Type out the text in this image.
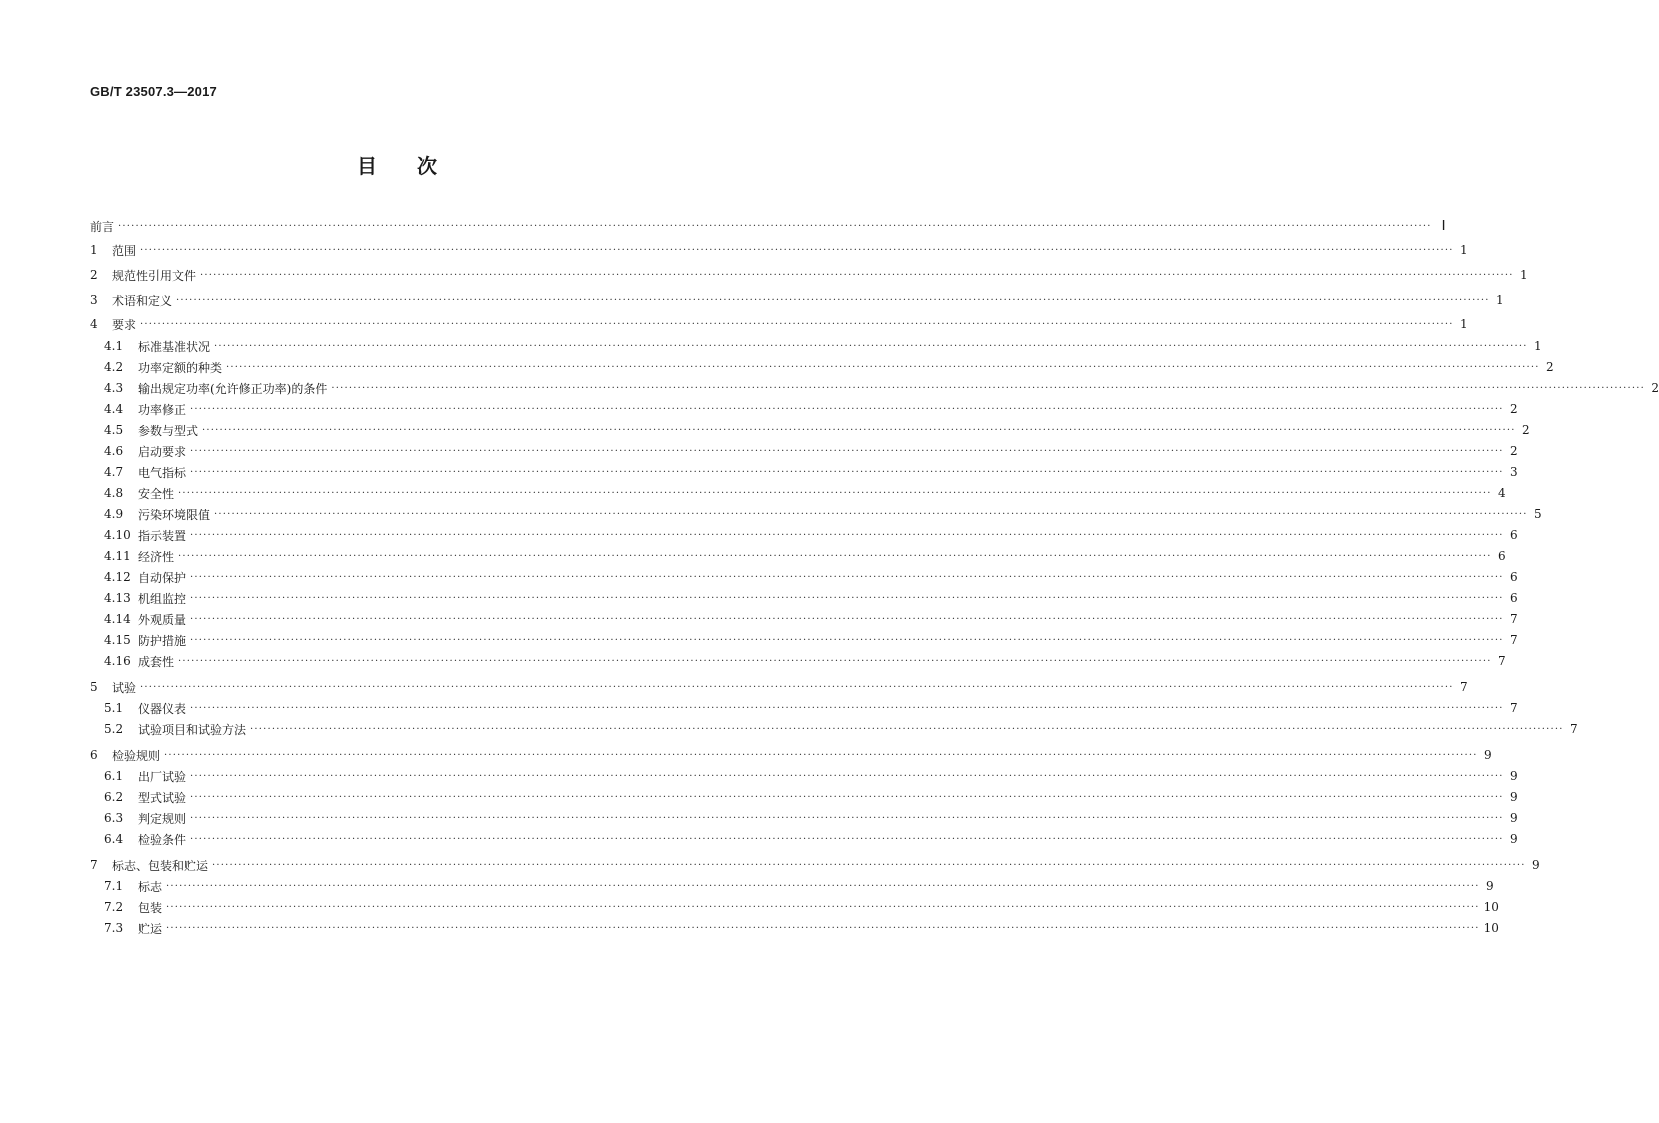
GB/T 23507.3—2017
目 次
前言 ············································································································································································································································································································ Ⅰ
1	范围 ············································································································································································································································································································ 1
2	规范性引用文件 ············································································································································································································································································································ 1
3	术语和定义 ············································································································································································································································································································ 1
4	要求 ············································································································································································································································································································ 1
4.1	标准基准状况 ············································································································································································································································································································ 1
4.2	功率定额的种类 ············································································································································································································································································································ 2
4.3	输出规定功率(允许修正功率)的条件 ············································································································································································································································································································ 2
4.4	功率修正 ············································································································································································································································································································ 2
4.5	参数与型式 ············································································································································································································································································································ 2
4.6	启动要求 ············································································································································································································································································································ 2
4.7	电气指标 ············································································································································································································································································································ 3
4.8	安全性 ············································································································································································································································································································ 4
4.9	污染环境限值 ············································································································································································································································································································ 5
4.10 指示装置 ············································································································································································································································································································ 6
4.11 经济性 ············································································································································································································································································································ 6
4.12 自动保护 ············································································································································································································································································································ 6
4.13 机组监控 ············································································································································································································································································································ 6
4.14 外观质量 ············································································································································································································································································································ 7
4.15 防护措施 ············································································································································································································································································································ 7
4.16 成套性 ············································································································································································································································································································ 7
5	试验 ············································································································································································································································································································ 7
5.1	仪器仪表 ············································································································································································································································································································ 7
5.2	试验项目和试验方法 ············································································································································································································································································································ 7
6	检验规则 ············································································································································································································································································································ 9
6.1	出厂试验 ············································································································································································································································································································ 9
6.2	型式试验 ············································································································································································································································································································ 9
6.3	判定规则 ············································································································································································································································································································ 9
6.4	检验条件 ············································································································································································································································································································ 9
7	标志、包装和贮运 ············································································································································································································································································································ 9
7.1	标志 ············································································································································································································································································································ 9
7.2	包装 ············································································································································································································································································································ 10
7.3	贮运 ············································································································································································································································································································ 10
